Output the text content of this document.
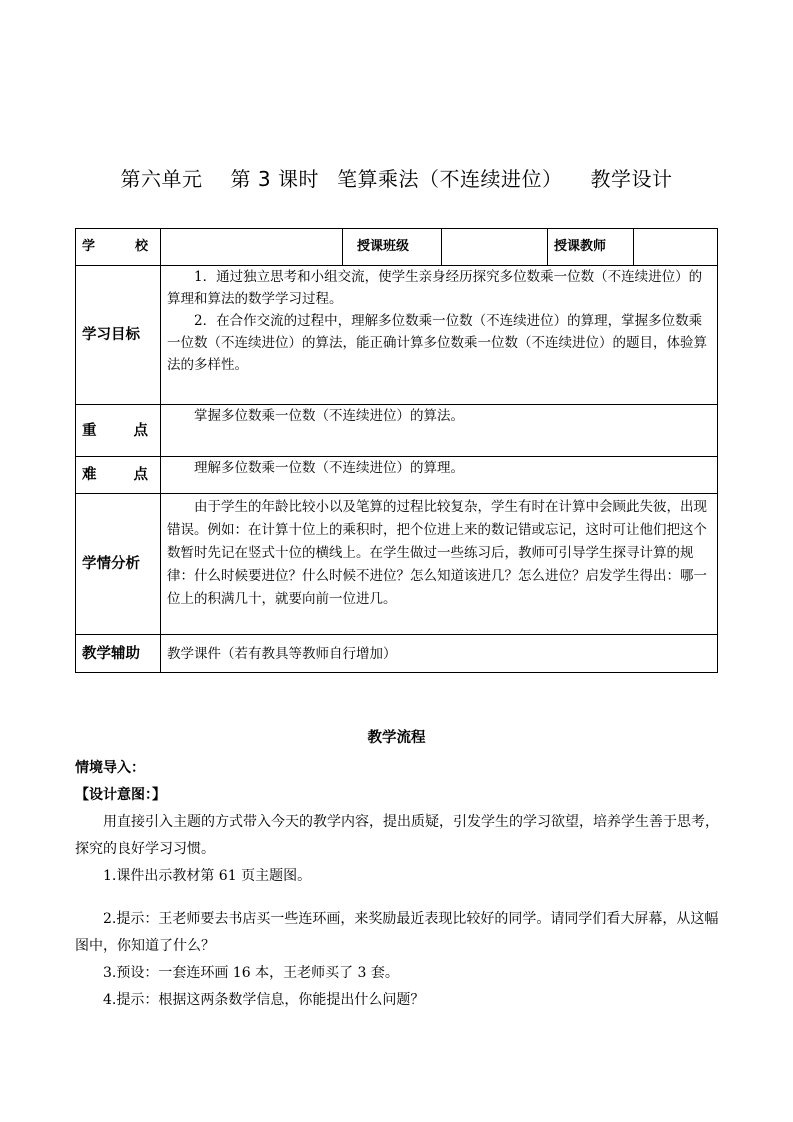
第六单元 第 3 课时 笔算乘法（不连续进位） 教学设计
学 校		授课班级		授课教师	
学习目标	1．通过独立思考和小组交流，使学生亲身经历探究多位数乘一位数（不连续进位）的算理和算法的数学学习过程。

2．在合作交流的过程中，理解多位数乘一位数（不连续进位）的算理，掌握多位数乘一位数（不连续进位）的算法，能正确计算多位数乘一位数（不连续进位）的题目，体验算法的多样性。				

重 点	掌握多位数乘一位数（不连续进位）的算法。				

难 点	理解多位数乘一位数（不连续进位）的算理。				

学情分析	由于学生的年龄比较小以及笔算的过程比较复杂，学生有时在计算中会顾此失彼，出现错误。例如：在计算十位上的乘积时，把个位进上来的数记错或忘记，这时可让他们把这个数暂时先记在竖式十位的横线上。在学生做过一些练习后，教师可引导学生探寻计算的规律：什么时候要进位？什么时候不进位？怎么知道该进几？怎么进位？启发学生得出：哪一位上的积满几十，就要向前一位进几。				

教学辅助	教学课件（若有教具等教师自行增加）				

教学流程

情境导入：

【设计意图：】

用直接引入主题的方式带入今天的教学内容，提出质疑，引发学生的学习欲望，培养学生善于思考，探究的良好学习习惯。

1.课件出示教材第 61 页主题图。

2.提示：王老师要去书店买一些连环画，来奖励最近表现比较好的同学。请同学们看大屏幕，从这幅图中，你知道了什么？

3.预设：一套连环画 16 本，王老师买了 3 套。

4.提示：根据这两条数学信息，你能提出什么问题？
